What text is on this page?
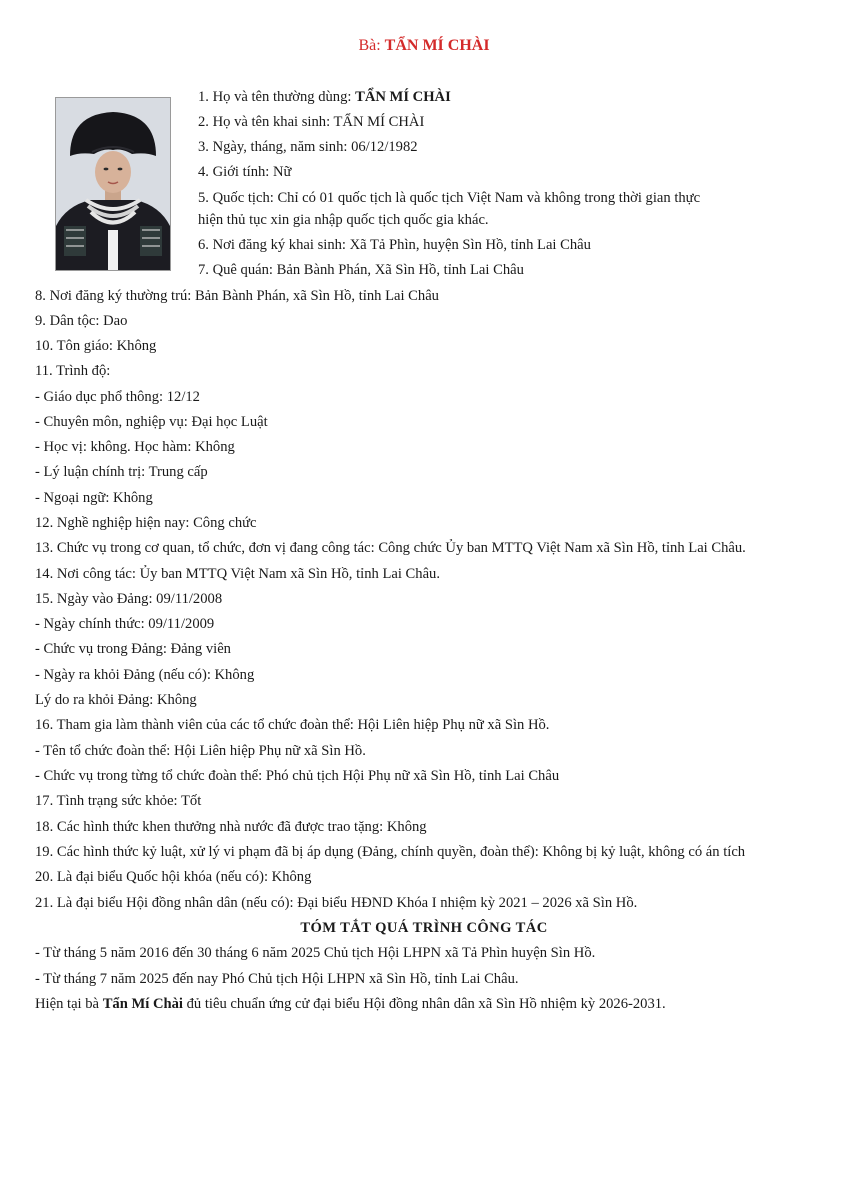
Bà: TẨN MÍ CHÀI
1. Họ và tên thường dùng: TẨN MÍ CHÀI
2. Họ và tên khai sinh: TẨN MÍ CHÀI
3. Ngày, tháng, năm sinh: 06/12/1982
4. Giới tính: Nữ
5. Quốc tịch: Chỉ có 01 quốc tịch là quốc tịch Việt Nam và không trong thời gian thực
hiện thủ tục xin gia nhập quốc tịch quốc gia khác.
6. Nơi đăng ký khai sinh: Xã Tả Phìn, huyện Sìn Hồ, tỉnh Lai Châu
7. Quê quán: Bản Bành Phán, Xã Sìn Hồ, tỉnh Lai Châu
8. Nơi đăng ký thường trú: Bản Bành Phán, xã Sìn Hồ, tỉnh Lai Châu
9. Dân tộc: Dao
10. Tôn giáo: Không
11. Trình độ:
- Giáo dục phổ thông: 12/12
- Chuyên môn, nghiệp vụ: Đại học Luật
- Học vị: không. Học hàm: Không
- Lý luận chính trị: Trung cấp
- Ngoại ngữ: Không
12. Nghề nghiệp hiện nay: Công chức
13. Chức vụ trong cơ quan, tổ chức, đơn vị đang công tác: Công chức Ủy ban MTTQ Việt Nam xã Sìn Hồ, tỉnh Lai Châu.
14. Nơi công tác: Ủy ban MTTQ Việt Nam xã Sìn Hồ, tỉnh Lai Châu.
15. Ngày vào Đảng: 09/11/2008
- Ngày chính thức: 09/11/2009
- Chức vụ trong Đảng: Đảng viên
- Ngày ra khỏi Đảng (nếu có): Không
Lý do ra khỏi Đảng: Không
16. Tham gia làm thành viên của các tổ chức đoàn thể: Hội Liên hiệp Phụ nữ xã Sìn Hồ.
- Tên tổ chức đoàn thể: Hội Liên hiệp Phụ nữ xã Sìn Hồ.
- Chức vụ trong từng tổ chức đoàn thể: Phó chủ tịch Hội Phụ nữ xã Sìn Hồ, tỉnh Lai Châu
17. Tình trạng sức khỏe: Tốt
18. Các hình thức khen thưởng nhà nước đã được trao tặng: Không
19. Các hình thức kỷ luật, xử lý vi phạm đã bị áp dụng (Đảng, chính quyền, đoàn thể): Không bị kỷ luật, không có án tích
20. Là đại biểu Quốc hội khóa (nếu có): Không
21. Là đại biểu Hội đồng nhân dân (nếu có): Đại biểu HĐND Khóa I nhiệm kỳ 2021 – 2026 xã Sìn Hồ.
TÓM TẮT QUÁ TRÌNH CÔNG TÁC
- Từ tháng 5 năm 2016 đến 30 tháng 6 năm 2025 Chủ tịch Hội LHPN xã Tả Phìn huyện Sìn Hồ.
- Từ tháng 7 năm 2025 đến nay Phó Chủ tịch Hội LHPN xã Sìn Hồ, tỉnh Lai Châu.
Hiện tại bà Tẩn Mí Chài đủ tiêu chuẩn ứng cử đại biểu Hội đồng nhân dân xã Sìn Hồ nhiệm kỳ 2026-2031.
